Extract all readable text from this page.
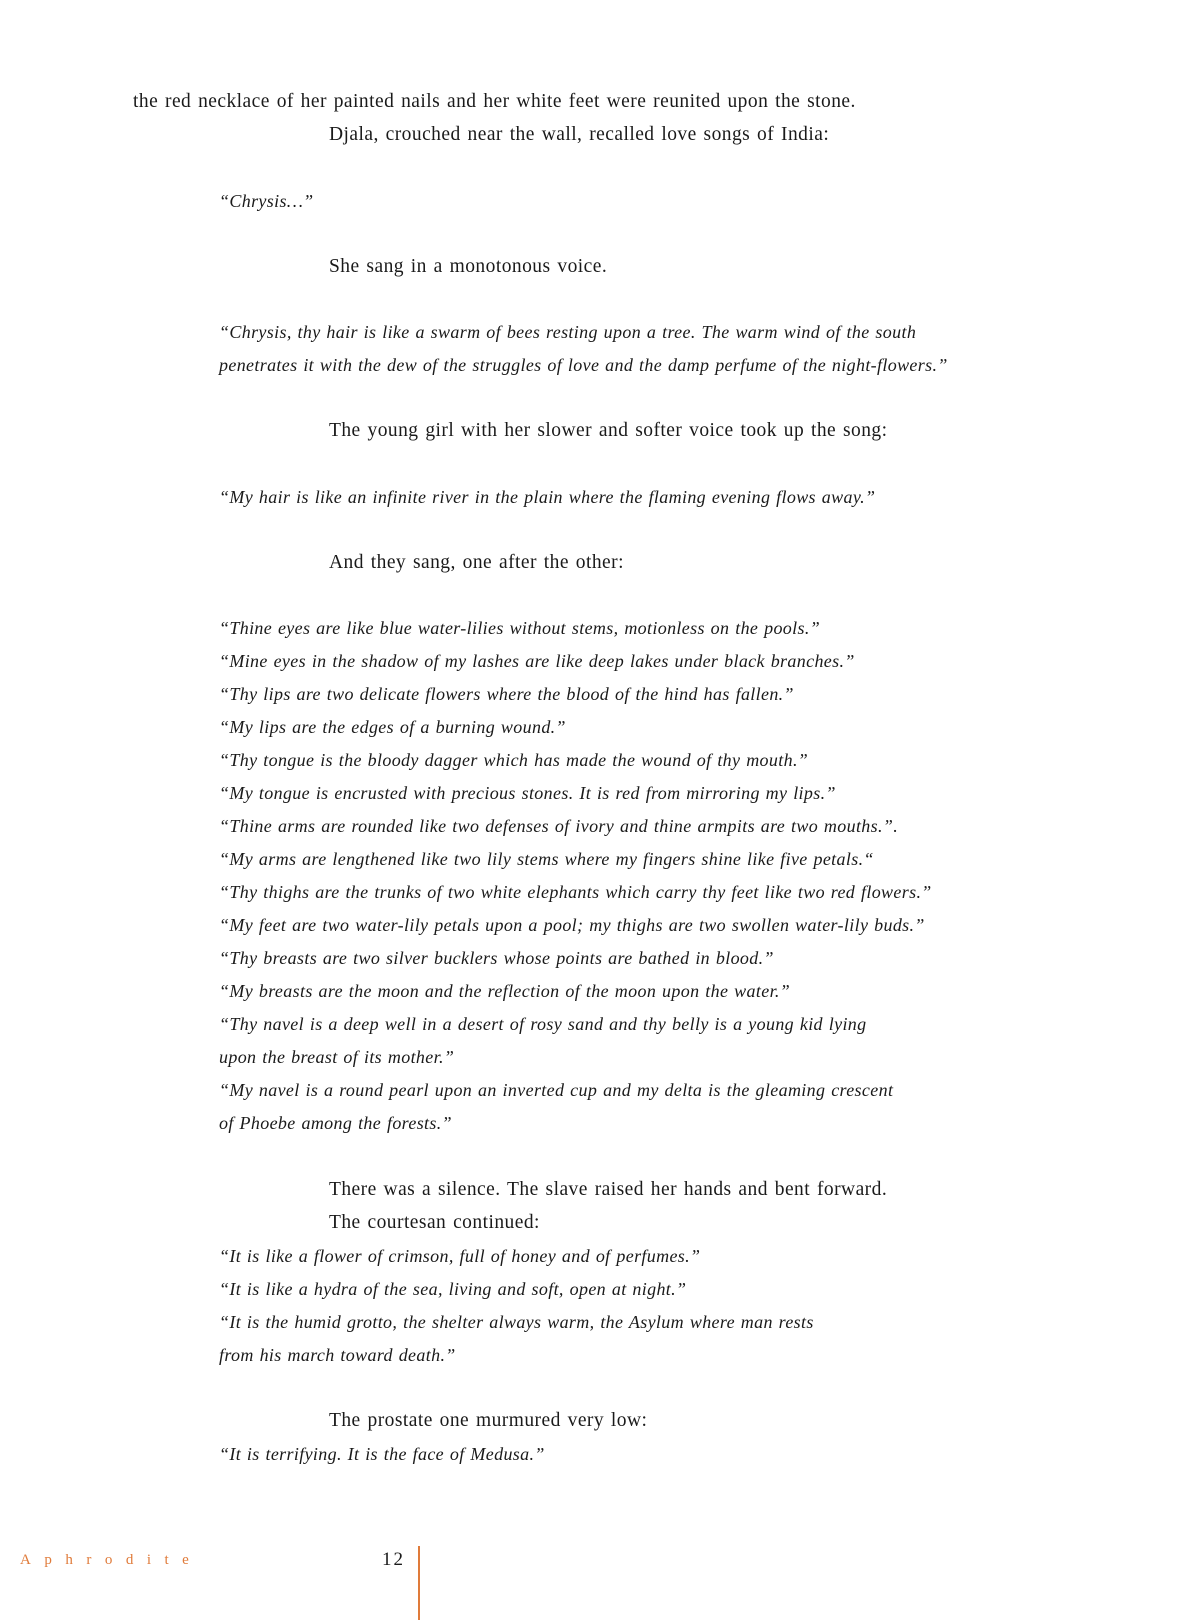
the red necklace of her painted nails and her white feet were reunited upon the stone.

Djala, crouched near the wall, recalled love songs of India:

“Chrysis…”

She sang in a monotonous voice.

“Chrysis, thy hair is like a swarm of bees resting upon a tree. The warm wind of the south

penetrates it with the dew of the struggles of love and the damp perfume of the night-flowers.”

The young girl with her slower and softer voice took up the song:

“My hair is like an infinite river in the plain where the flaming evening flows away.”

And they sang, one after the other:

“Thine eyes are like blue water-lilies without stems, motionless on the pools.”

“Mine eyes in the shadow of my lashes are like deep lakes under black branches.”

“Thy lips are two delicate flowers where the blood of the hind has fallen.”

“My lips are the edges of a burning wound.”

“Thy tongue is the bloody dagger which has made the wound of thy mouth.”

“My tongue is encrusted with precious stones. It is red from mirroring my lips.”

“Thine arms are rounded like two defenses of ivory and thine armpits are two mouths.”.

“My arms are lengthened like two lily stems where my fingers shine like five petals.“

“Thy thighs are the trunks of two white elephants which carry thy feet like two red flowers.”

“My feet are two water-lily petals upon a pool; my thighs are two swollen water-lily buds.”

“Thy breasts are two silver bucklers whose points are bathed in blood.”

“My breasts are the moon and the reflection of the moon upon the water.”

“Thy navel is a deep well in a desert of rosy sand and thy belly is a young kid lying

upon the breast of its mother.”

“My navel is a round pearl upon an inverted cup and my delta is the gleaming crescent

of Phoebe among the forests.”

There was a silence. The slave raised her hands and bent forward.

The courtesan continued:

“It is like a flower of crimson, full of honey and of perfumes.”

“It is like a hydra of the sea, living and soft, open at night.”

“It is the humid grotto, the shelter always warm, the Asylum where man rests

from his march toward death.”

The prostate one murmured very low:

“It is terrifying. It is the face of Medusa.”

Aphrodite	12
